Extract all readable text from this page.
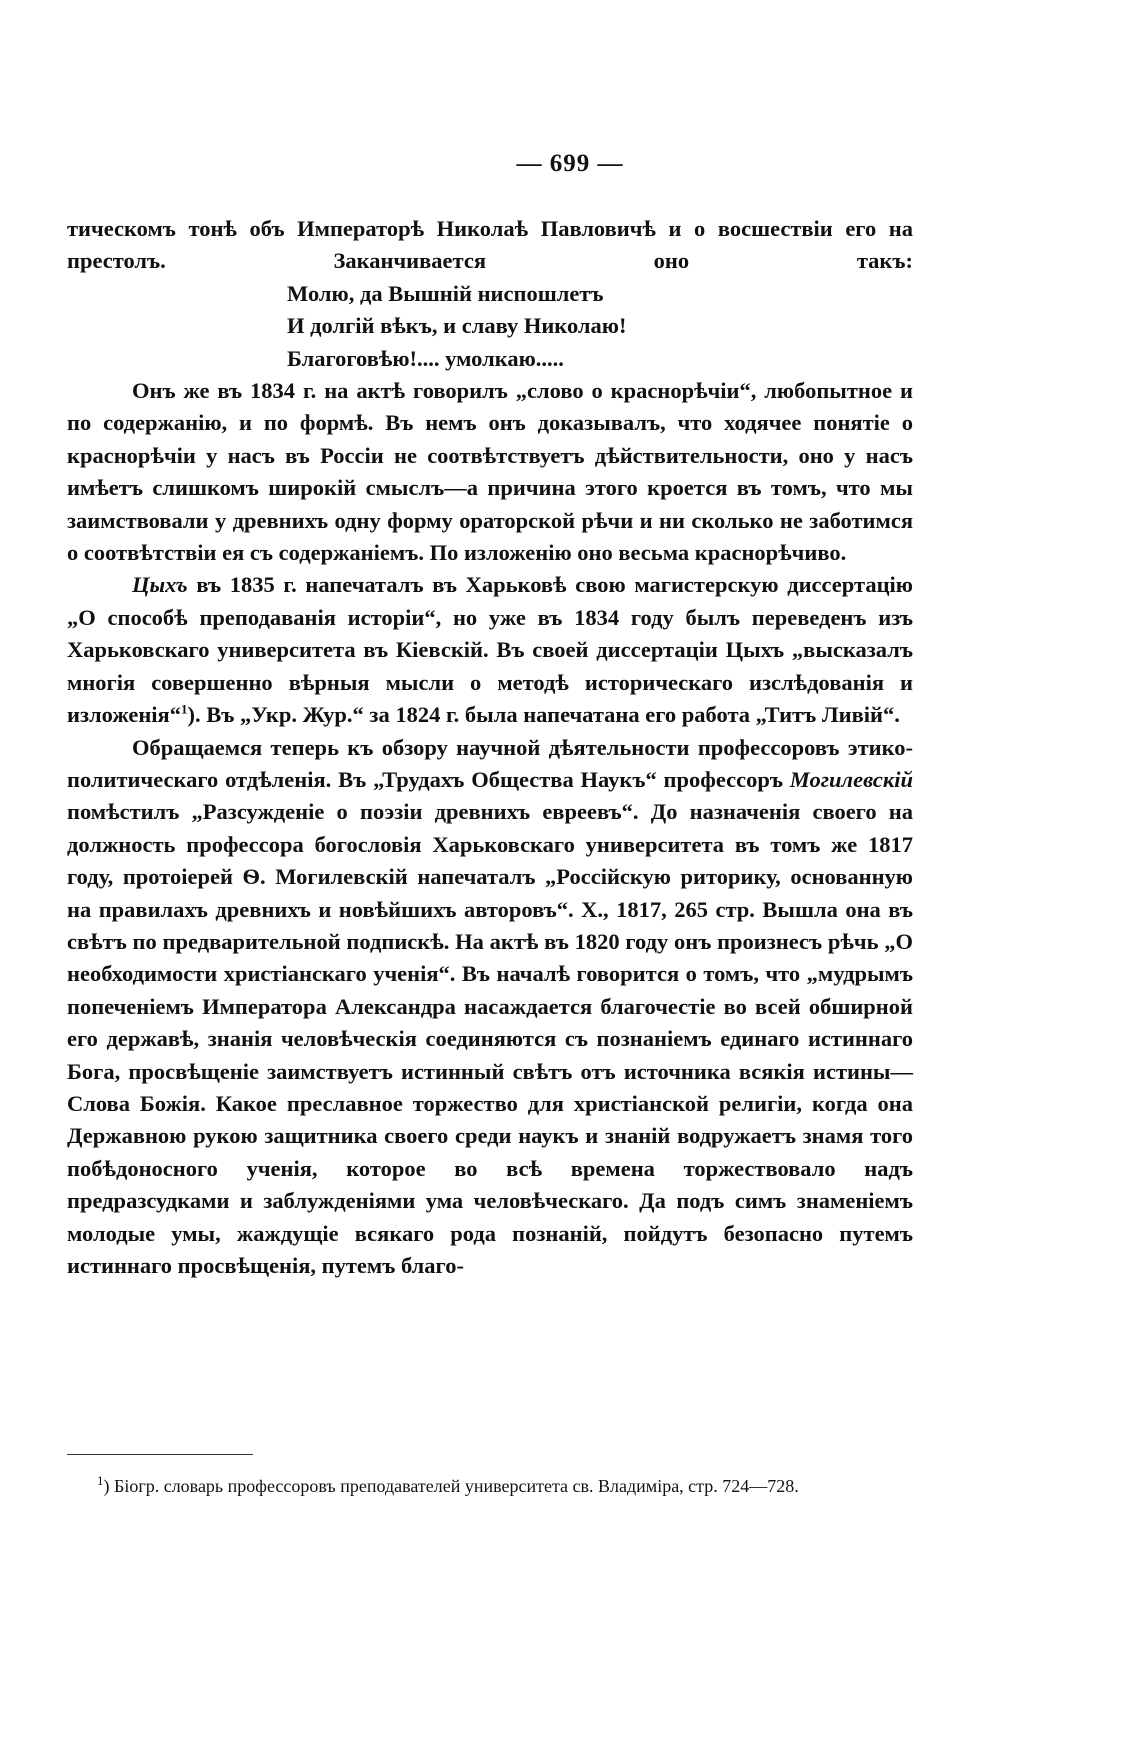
— 699 —

тическомъ тонѣ объ Императорѣ Николаѣ Павловичѣ и о восшествіи его на престолъ. Заканчивается оно такъ:

Молю, да Вышній ниспошлетъ
И долгій вѣкъ, и славу Николаю!
Благоговѣю!.... умолкаю.....

Онъ же въ 1834 г. на актѣ говорилъ „слово о краснорѣчіи“, любопытное и по содержанію, и по формѣ. Въ немъ онъ доказывалъ, что ходячее понятіе о краснорѣчіи у насъ въ Россіи не соотвѣтствуетъ дѣйствительности, оно у насъ имѣетъ слишкомъ широкій смыслъ—а причина этого кроется въ томъ, что мы заимствовали у древнихъ одну форму ораторской рѣчи и ни сколько не заботимся о соотвѣтствіи ея съ содержаніемъ. По изложенію оно весьма краснорѣчиво.

Цыхъ въ 1835 г. напечаталъ въ Харьковѣ свою магистерскую диссертацію „О способѣ преподаванія исторіи“, но уже въ 1834 году былъ переведенъ изъ Харьковскаго университета въ Кіевскій. Въ своей диссертаціи Цыхъ „высказалъ многія совершенно вѣрныя мысли о методѣ историческаго изслѣдованія и изложенія“$^1$). Въ „Укр. Жур.“ за 1824 г. была напечатана его работа „Титъ Ливій“.

Обращаемся теперь къ обзору научной дѣятельности профессоровъ этико-политическаго отдѣленія. Въ „Трудахъ Общества Наукъ“ профессоръ Могилевскій помѣстилъ „Разсужденіе о поэзіи древнихъ евреевъ“. До назначенія своего на должность профессора богословія Харьковскаго университета въ томъ же 1817 году, протоіерей Ѳ. Могилевскій напечаталъ „Россійскую риторику, основанную на правилахъ древнихъ и новѣйшихъ авторовъ“. Х., 1817, 265 стр. Вышла она въ свѣтъ по предварительной подпискѣ. На актѣ въ 1820 году онъ произнесъ рѣчь „О необходимости христіанскаго ученія“. Въ началѣ говорится о томъ, что „мудрымъ попеченіемъ Императора Александра насаждается благочестіе во всей обширной его державѣ, знанія человѣческія соединяются съ познаніемъ единаго истиннаго Бога, просвѣщеніе заимствуетъ истинный свѣтъ отъ источника всякія истины—Слова Божія. Какое преславное торжество для христіанской религіи, когда она Державною рукою защитника своего среди наукъ и знаній водружаетъ знамя того побѣдоносного ученія, которое во всѣ времена торжествовало надъ предразсудками и заблужденіями ума человѣческаго. Да подъ симъ знаменіемъ молодые умы, жаждущіе всякаго рода познаній, пойдутъ безопасно путемъ истиннаго просвѣщенія, путемъ благо-

$^1$) Біогр. словарь профессоровъ преподавателей университета св. Владиміра, стр. 724—728.
